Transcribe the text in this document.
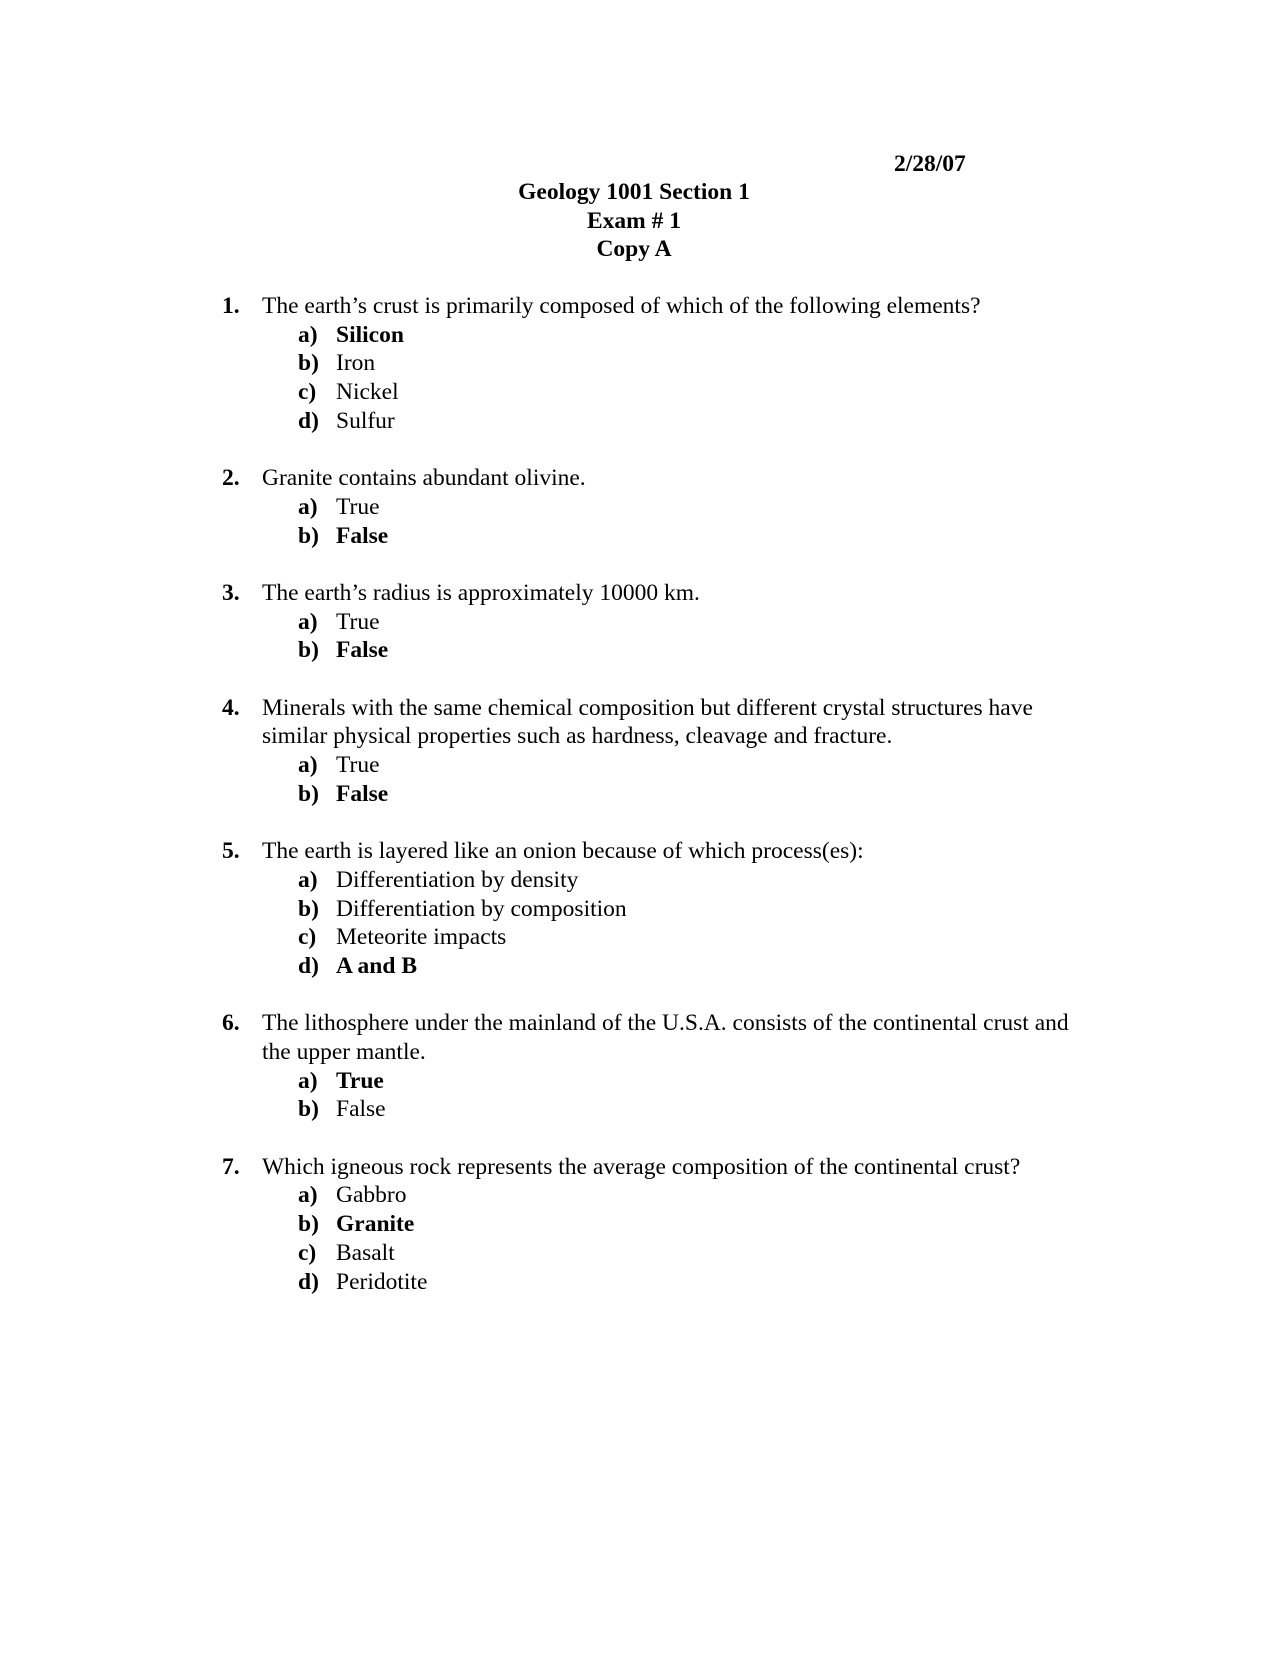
2/28/07
Geology 1001 Section 1
Exam # 1
Copy A
1. The earth’s crust is primarily composed of which of the following elements?
a) Silicon
b) Iron
c) Nickel
d) Sulfur
2. Granite contains abundant olivine.
a) True
b) False
3. The earth’s radius is approximately 10000 km.
a) True
b) False
4. Minerals with the same chemical composition but different crystal structures have similar physical properties such as hardness, cleavage and fracture.
a) True
b) False
5. The earth is layered like an onion because of which process(es):
a) Differentiation by density
b) Differentiation by composition
c) Meteorite impacts
d) A and B
6. The lithosphere under the mainland of the U.S.A. consists of the continental crust and the upper mantle.
a) True
b) False
7. Which igneous rock represents the average composition of the continental crust?
a) Gabbro
b) Granite
c) Basalt
d) Peridotite
